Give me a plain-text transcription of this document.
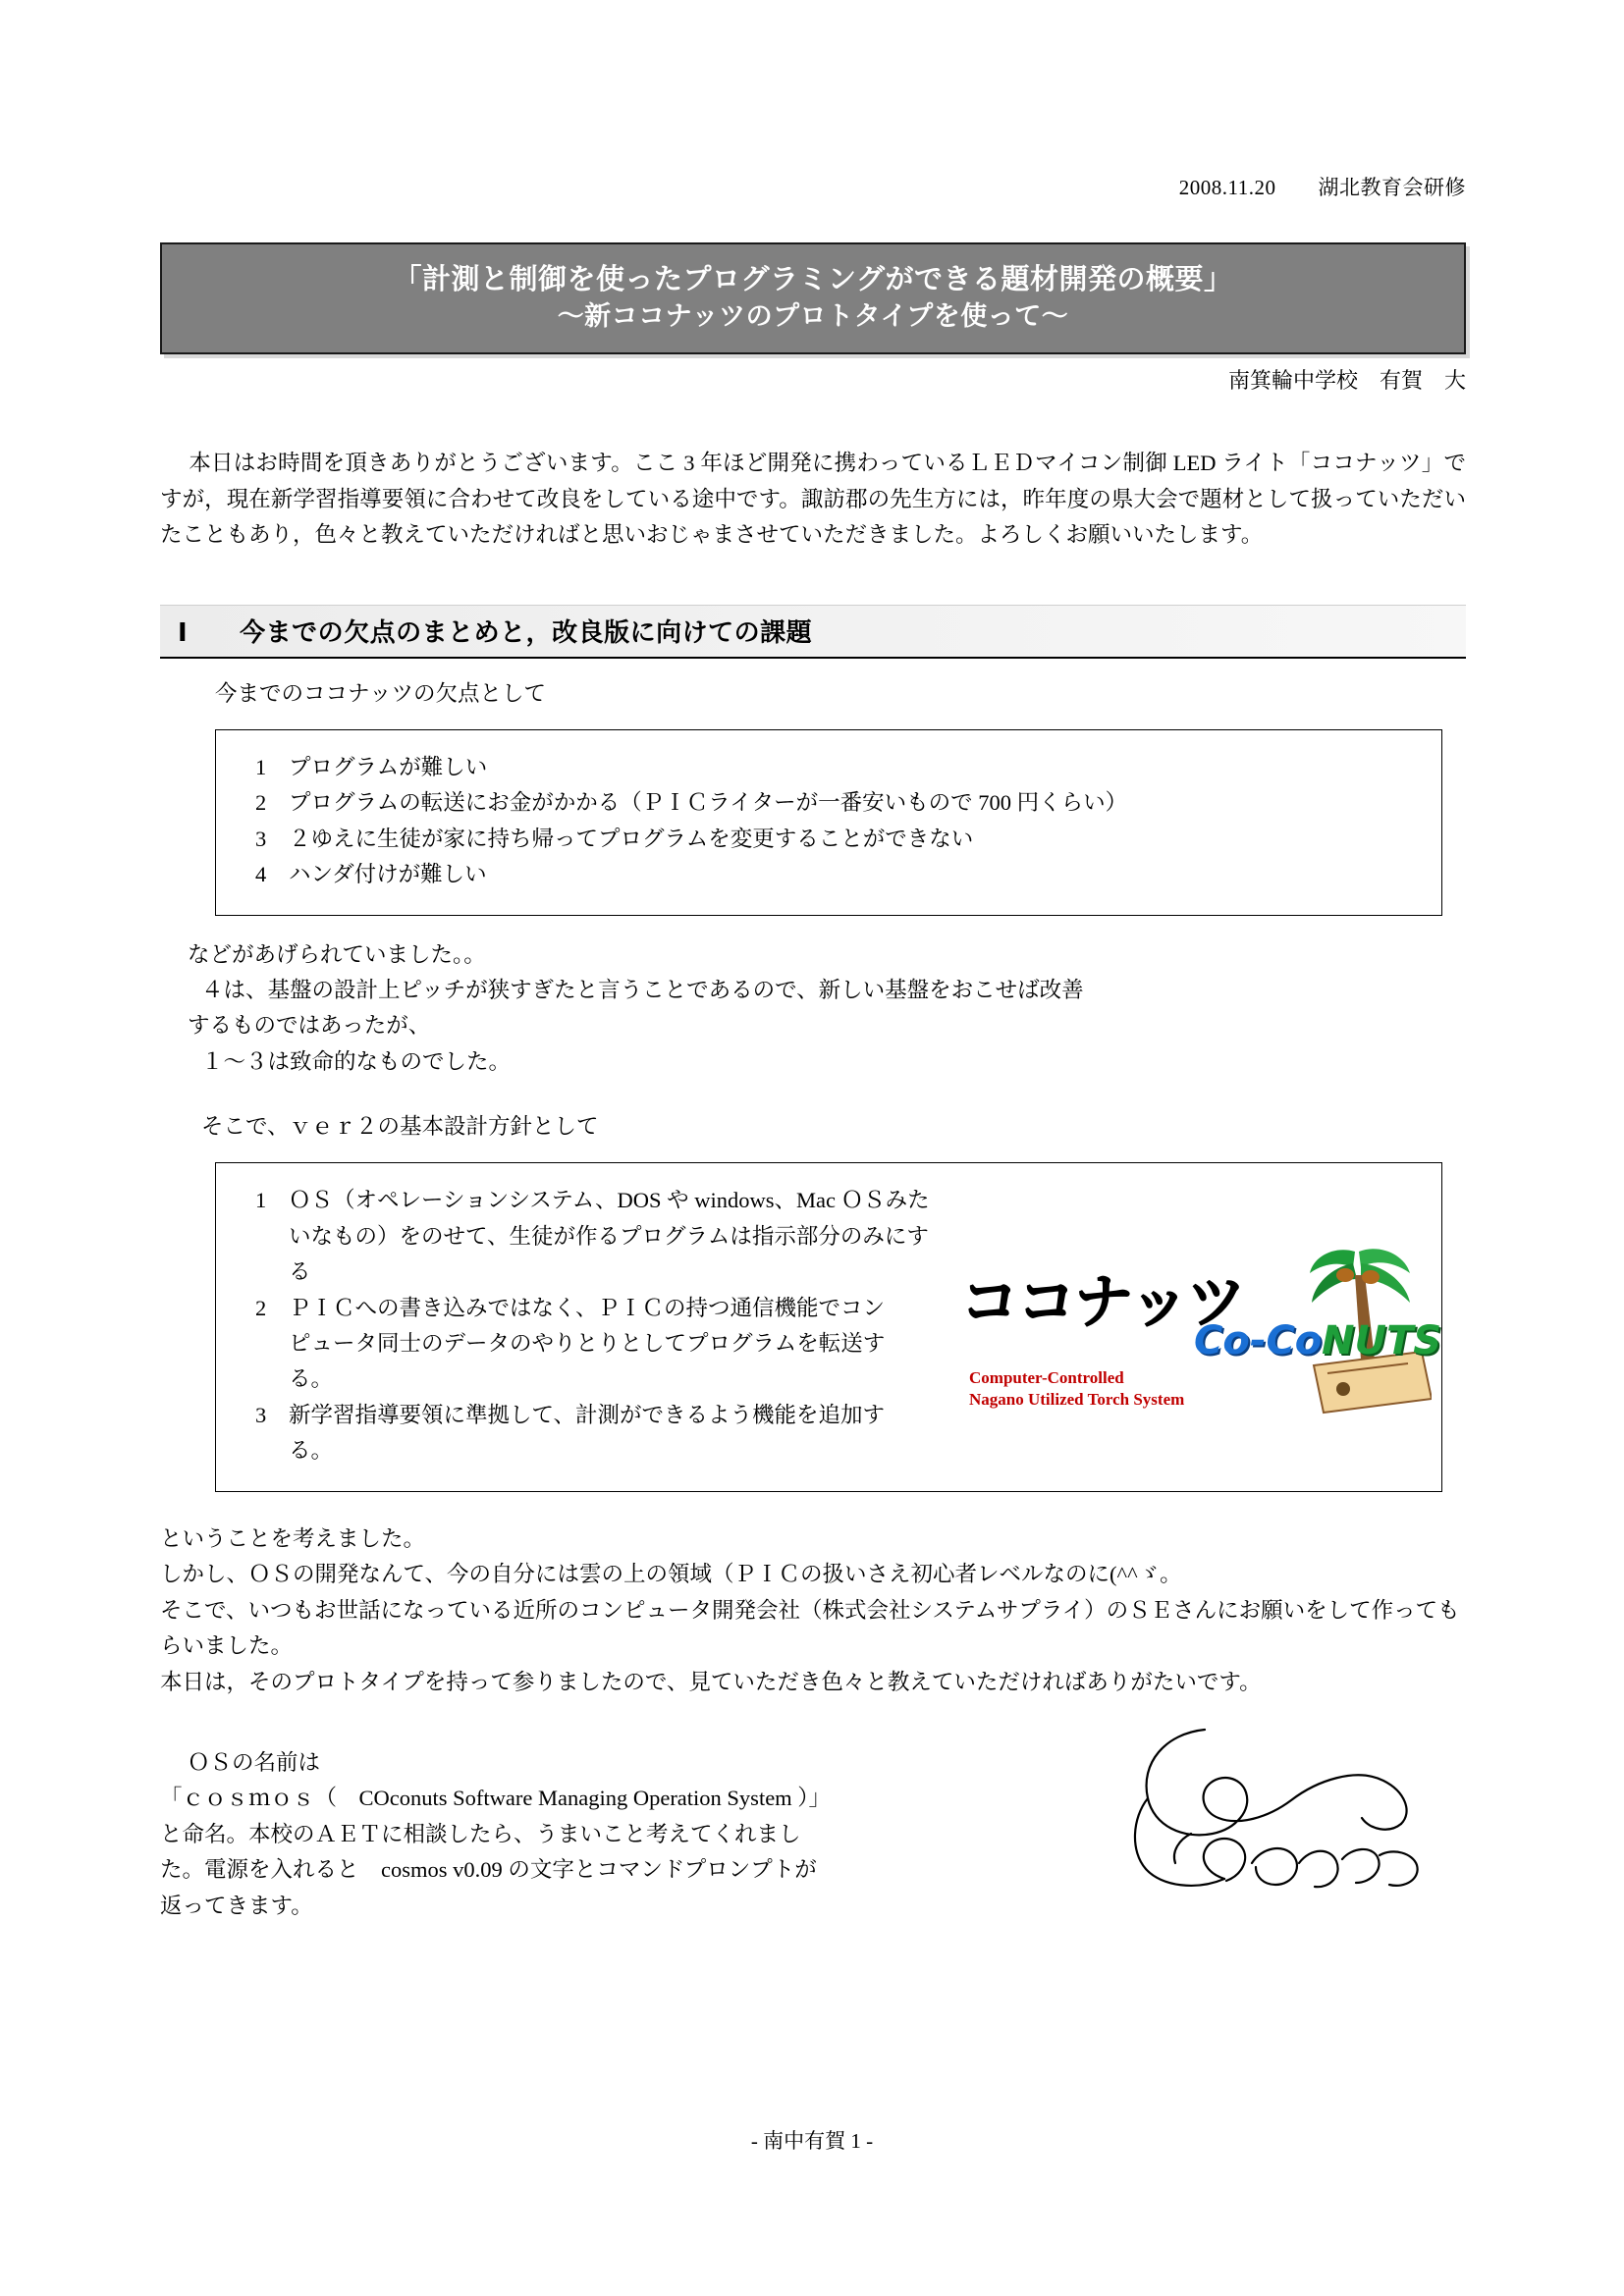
2008.11.20　　湖北教育会研修
「計測と制御を使ったプログラミングができる題材開発の概要」
〜新ココナッツのプロトタイプを使って〜
南箕輪中学校　有賀　大
本日はお時間を頂きありがとうございます。ここ 3 年ほど開発に携わっているＬＥＤマイコン制御 LED ライト「ココナッツ」ですが，現在新学習指導要領に合わせて改良をしている途中です。諏訪郡の先生方には，昨年度の県大会で題材として扱っていただいたこともあり，色々と教えていただければと思いおじゃまさせていただきました。よろしくお願いいたします。
Ⅰ　　今までの欠点のまとめと，改良版に向けての課題
今までのココナッツの欠点として
1	プログラムが難しい
2	プログラムの転送にお金がかかる（ＰＩＣライターが一番安いもので 700 円くらい）
3	２ゆえに生徒が家に持ち帰ってプログラムを変更することができない
4	ハンダ付けが難しい
などがあげられていました。。
４は、基盤の設計上ピッチが狭すぎたと言うことであるので、新しい基盤をおこせば改善
するものではあったが、
１〜３は致命的なものでした。
そこで、ｖｅｒ２の基本設計方針として
1	ＯＳ（オペレーションシステム、DOS や windows、Mac ＯＳみたいなもの）をのせて、生徒が作るプログラムは指示部分のみにする
2	ＰＩＣへの書き込みではなく、ＰＩＣの持つ通信機能でコンピュータ同士のデータのやりとりとしてプログラムを転送する。
3	新学習指導要領に準拠して、計測ができるよう機能を追加する。
ココナッツ
Co-Co NUTS
Computer-Controlled
Nagano Utilized Torch System
ということを考えました。
しかし、ＯＳの開発なんて、今の自分には雲の上の領域（ＰＩＣの扱いさえ初心者レベルなのに(^^ゞ。
そこで、いつもお世話になっている近所のコンピュータ開発会社（株式会社システムサプライ）のＳＥさんにお願いをして作ってもらいました。
本日は，そのプロトタイプを持って参りましたので、見ていただき色々と教えていただければありがたいです。
ＯＳの名前は
「ｃｏｓｍｏｓ（　COconuts Software Managing Operation System ）」
と命名。本校のＡＥＴに相談したら、うまいこと考えてくれまし
た。電源を入れると　cosmos v0.09 の文字とコマンドプロンプトが
返ってきます。
- 南中有賀 1 -
